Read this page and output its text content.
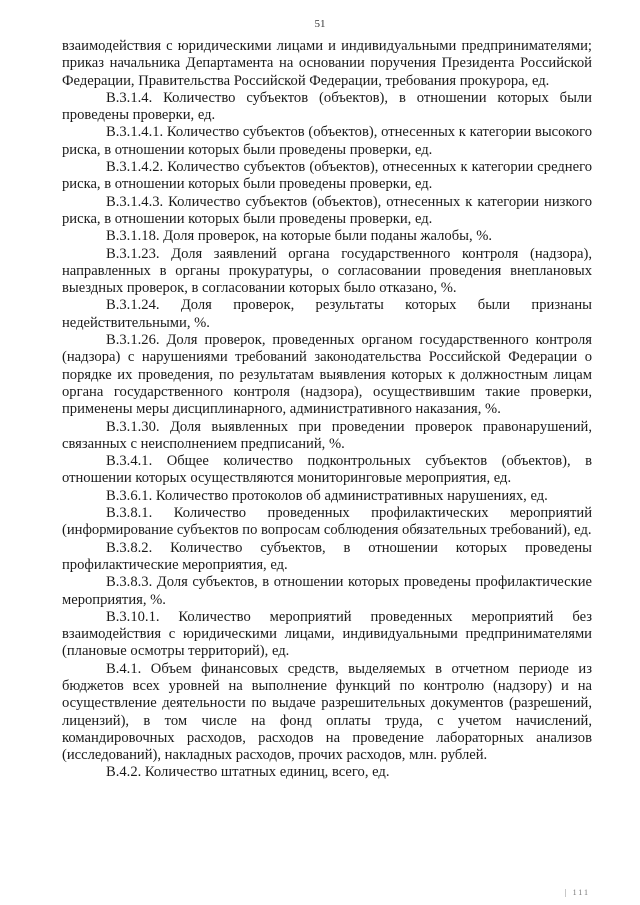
51

взаимодействия с юридическими лицами и индивидуальными предпринимателями; приказ начальника Департамента на основании поручения Президента Российской Федерации, Правительства Российской Федерации, требования прокурора, ед.

В.3.1.4. Количество субъектов (объектов), в отношении которых были проведены проверки, ед.

В.3.1.4.1. Количество субъектов (объектов), отнесенных к категории высокого риска, в отношении которых были проведены проверки, ед.

В.3.1.4.2. Количество субъектов (объектов), отнесенных к категории среднего риска, в отношении которых были проведены проверки, ед.

В.3.1.4.3. Количество субъектов (объектов), отнесенных к категории низкого риска, в отношении которых были проведены проверки, ед.

В.3.1.18. Доля проверок, на которые были поданы жалобы, %.

В.3.1.23. Доля заявлений органа государственного контроля (надзора), направленных в органы прокуратуры, о согласовании проведения внеплановых выездных проверок, в согласовании которых было отказано, %.

В.3.1.24. Доля проверок, результаты которых были признаны недействительными, %.

В.3.1.26. Доля проверок, проведенных органом государственного контроля (надзора) с нарушениями требований законодательства Российской Федерации о порядке их проведения, по результатам выявления которых к должностным лицам органа государственного контроля (надзора), осуществившим такие проверки, применены меры дисциплинарного, административного наказания, %.

В.3.1.30. Доля выявленных при проведении проверок правонарушений, связанных с неисполнением предписаний, %.

В.3.4.1. Общее количество подконтрольных субъектов (объектов), в отношении которых осуществляются мониторинговые мероприятия, ед.

В.3.6.1. Количество протоколов об административных нарушениях, ед.

В.3.8.1. Количество проведенных профилактических мероприятий (информирование субъектов по вопросам соблюдения обязательных требований), ед.

В.3.8.2. Количество субъектов, в отношении которых проведены профилактические мероприятия, ед.

В.3.8.3. Доля субъектов, в отношении которых проведены профилактические мероприятия, %.

В.3.10.1. Количество мероприятий проведенных мероприятий без взаимодействия с юридическими лицами, индивидуальными предпринимателями (плановые осмотры территорий), ед.

В.4.1. Объем финансовых средств, выделяемых в отчетном периоде из бюджетов всех уровней на выполнение функций по контролю (надзору) и на осуществление деятельности по выдаче разрешительных документов (разрешений, лицензий), в том числе на фонд оплаты труда, с учетом начислений, командировочных расходов, расходов на проведение лабораторных анализов (исследований), накладных расходов, прочих расходов, млн. рублей.

В.4.2. Количество штатных единиц, всего, ед.

| 111
